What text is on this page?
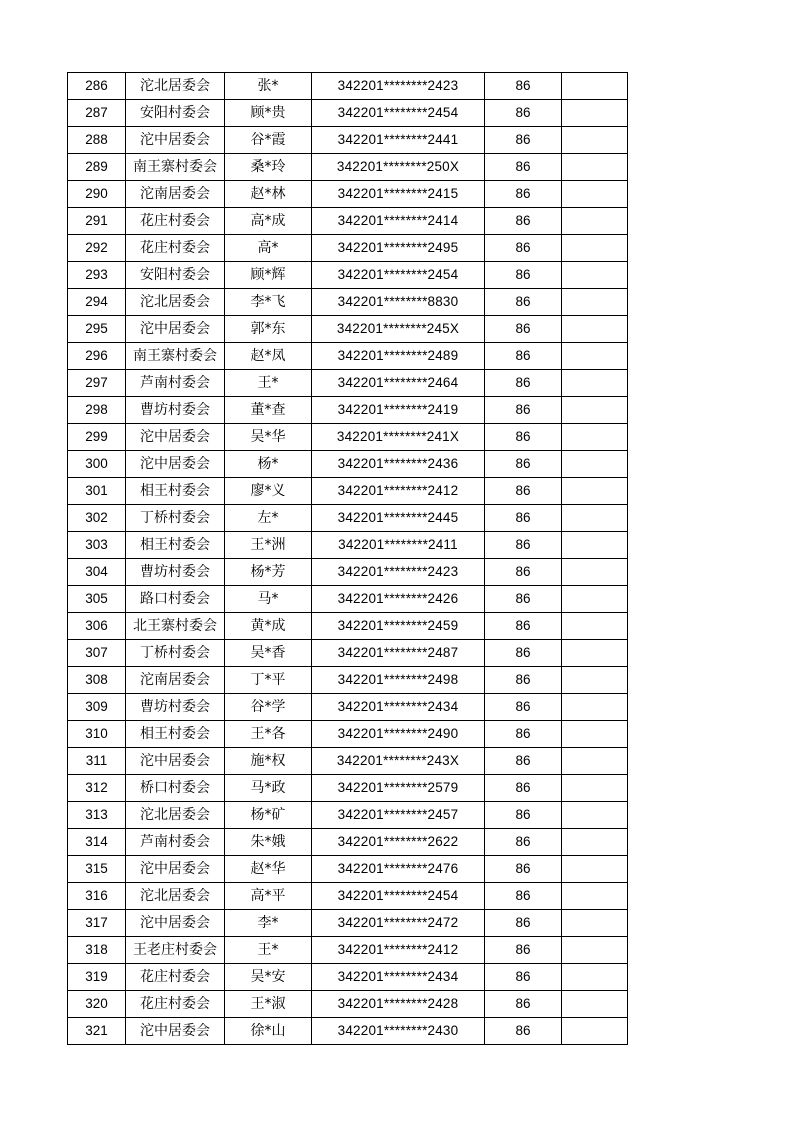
286	沱北居委会	张*	342201********2423	86	
287	安阳村委会	顾*贵	342201********2454	86	
288	沱中居委会	谷*霞	342201********2441	86	
289	南王寨村委会	桑*玲	342201********250X	86	
290	沱南居委会	赵*林	342201********2415	86	
291	花庄村委会	高*成	342201********2414	86	
292	花庄村委会	高*	342201********2495	86	
293	安阳村委会	顾*辉	342201********2454	86	
294	沱北居委会	李*飞	342201********8830	86	
295	沱中居委会	郭*东	342201********245X	86	
296	南王寨村委会	赵*凤	342201********2489	86	
297	芦南村委会	王*	342201********2464	86	
298	曹坊村委会	董*查	342201********2419	86	
299	沱中居委会	吴*华	342201********241X	86	
300	沱中居委会	杨*	342201********2436	86	
301	相王村委会	廖*义	342201********2412	86	
302	丁桥村委会	左*	342201********2445	86	
303	相王村委会	王*洲	342201********2411	86	
304	曹坊村委会	杨*芳	342201********2423	86	
305	路口村委会	马*	342201********2426	86	
306	北王寨村委会	黄*成	342201********2459	86	
307	丁桥村委会	吴*香	342201********2487	86	
308	沱南居委会	丁*平	342201********2498	86	
309	曹坊村委会	谷*学	342201********2434	86	
310	相王村委会	王*各	342201********2490	86	
311	沱中居委会	施*权	342201********243X	86	
312	桥口村委会	马*政	342201********2579	86	
313	沱北居委会	杨*矿	342201********2457	86	
314	芦南村委会	朱*娥	342201********2622	86	
315	沱中居委会	赵*华	342201********2476	86	
316	沱北居委会	高*平	342201********2454	86	
317	沱中居委会	李*	342201********2472	86	
318	王老庄村委会	王*	342201********2412	86	
319	花庄村委会	吴*安	342201********2434	86	
320	花庄村委会	王*淑	342201********2428	86	
321	沱中居委会	徐*山	342201********2430	86	
